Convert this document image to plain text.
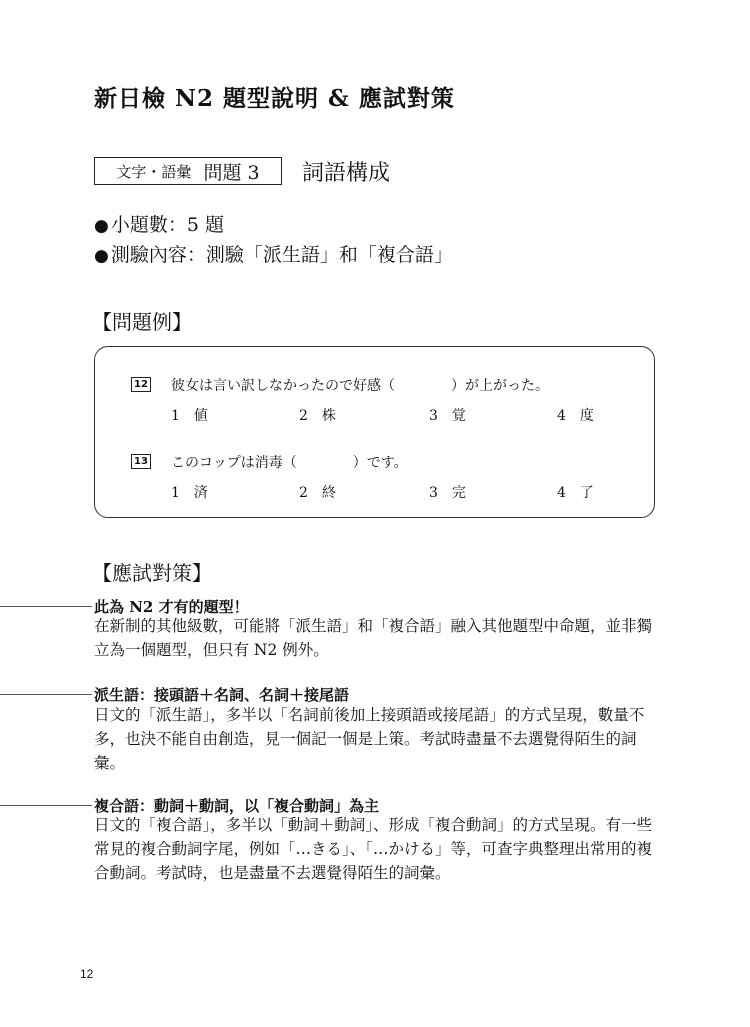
新日檢 N2 題型說明 & 應試對策
文字・語彙 問題 3 詞語構成
● 小題數：5 題
● 測驗內容：測驗「派生語」和「複合語」
【問題例】
12 彼女は言い訳しなかったので好感（　　　　）が上がった。
1 値	2 株	3 覚	4 度
13 このコップは消毒（　　　　）です。
1 済	2 終	3 完	4 了
【應試對策】
此為 N2 才有的題型！
在新制的其他級數，可能將「派生語」和「複合語」融入其他題型中命題，並非獨立為一個題型，但只有 N2 例外。
派生語：接頭語＋名詞、名詞＋接尾語
日文的「派生語」，多半以「名詞前後加上接頭語或接尾語」的方式呈現，數量不多，也決不能自由創造，見一個記一個是上策。考試時盡量不去選覺得陌生的詞彙。
複合語：動詞＋動詞，以「複合動詞」為主
日文的「複合語」，多半以「動詞＋動詞」、形成「複合動詞」的方式呈現。有一些常見的複合動詞字尾，例如「…きる」、「…かける」等，可查字典整理出常用的複合動詞。考試時，也是盡量不去選覺得陌生的詞彙。
12
